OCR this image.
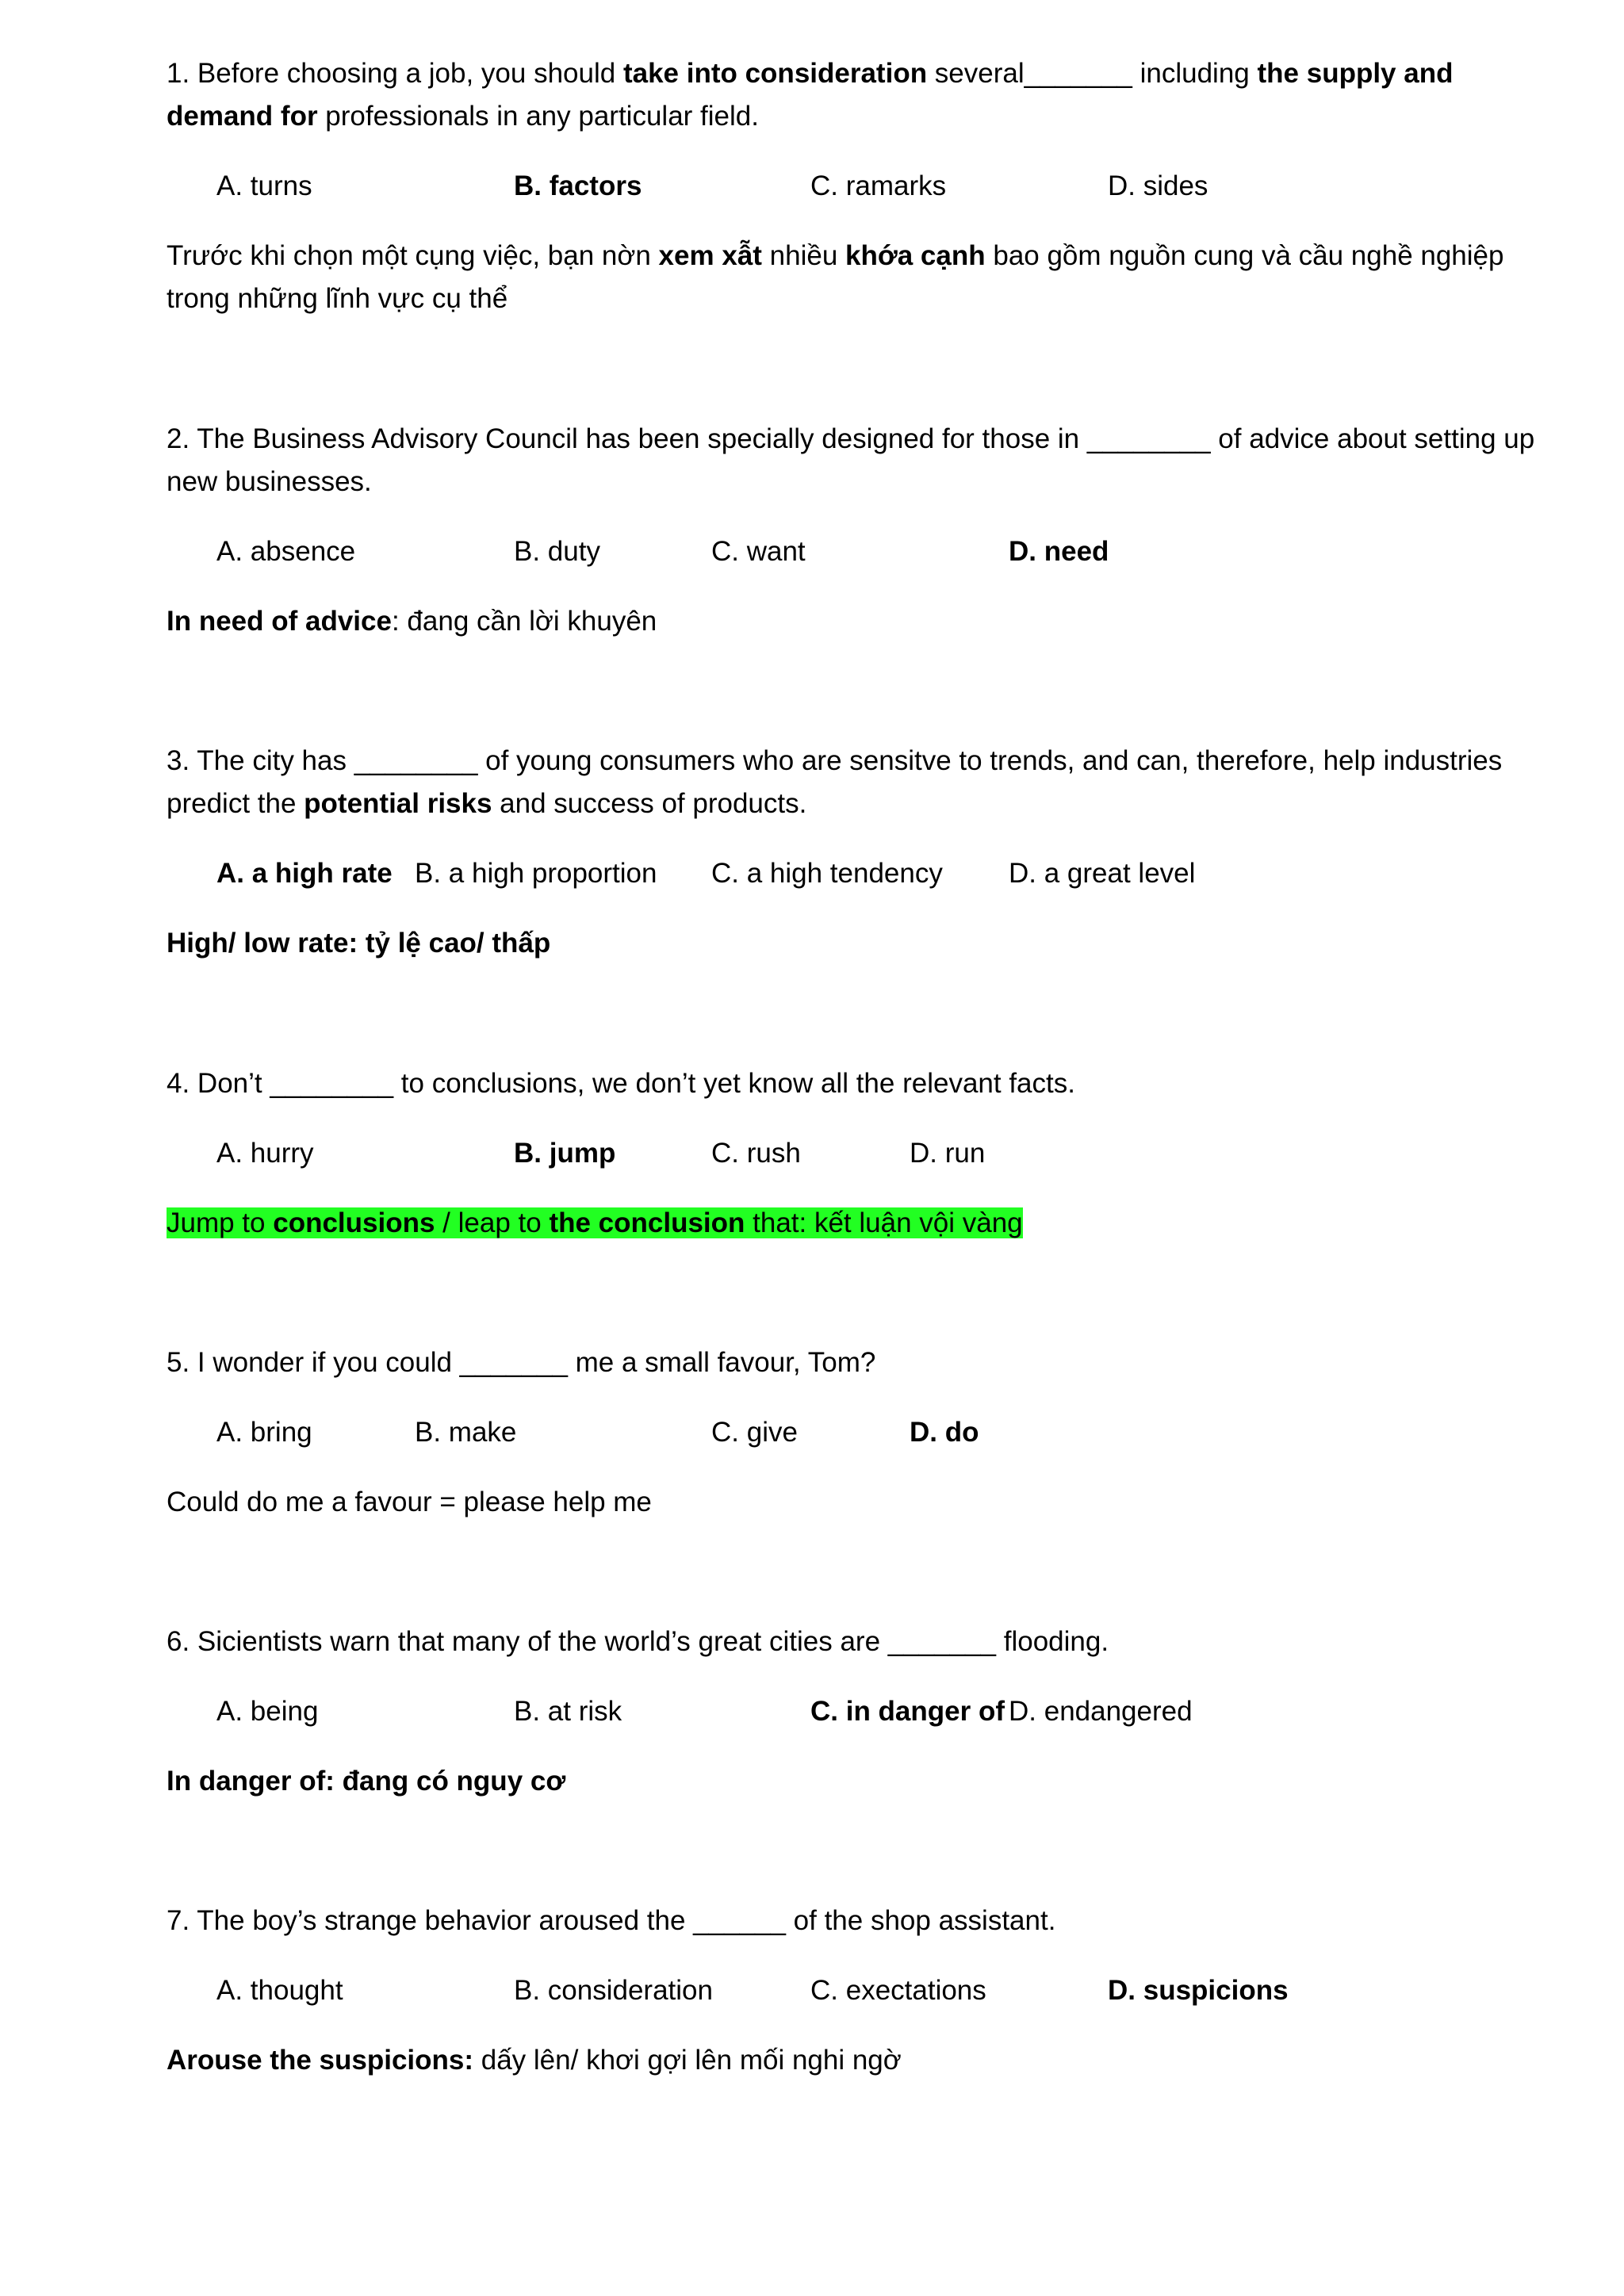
1. Before choosing a job, you should take into consideration several_______ including the supply and demand for professionals in any particular field.

A. turns	B. factors	C. ramarks	D. sides

Trước khi chọn một cụng việc, bạn nờn xem xẫt nhiều khớa cạnh bao gồm nguồn cung và cầu nghề nghiệp trong những lĩnh vực cụ thể

2. The Business Advisory Council has been specially designed for those in ________ of advice about setting up new businesses.

A. absence	B. duty	C. want	D. need

In need of advice: đang cần lời khuyên

3. The city has ________ of young consumers who are sensitve to trends, and can, therefore, help industries predict the potential risks and success of products.

A. a high rate B. a high proportion C. a high tendency D. a great level

High/ low rate: tỷ lệ cao/ thấp

4. Don’t ________ to conclusions, we don’t yet know all the relevant facts.

A. hurry	B. jump	C. rush	D. run

Jump to conclusions / leap to the conclusion that: kết luận vội vàng

5. I wonder if you could _______ me a small favour, Tom?

A. bring	B. make	C. give	D. do

Could do me a favour = please help me

6. Sicientists warn that many of the world’s great cities are _______ flooding.

A. being	B. at risk	C. in danger of D. endangered

In danger of: đang có nguy cơ

7. The boy’s strange behavior aroused the ______ of the shop assistant.

A. thought	B. consideration	C. exectations	D. suspicions

Arouse the suspicions: dấy lên/ khơi gợi lên mối nghi ngờ
